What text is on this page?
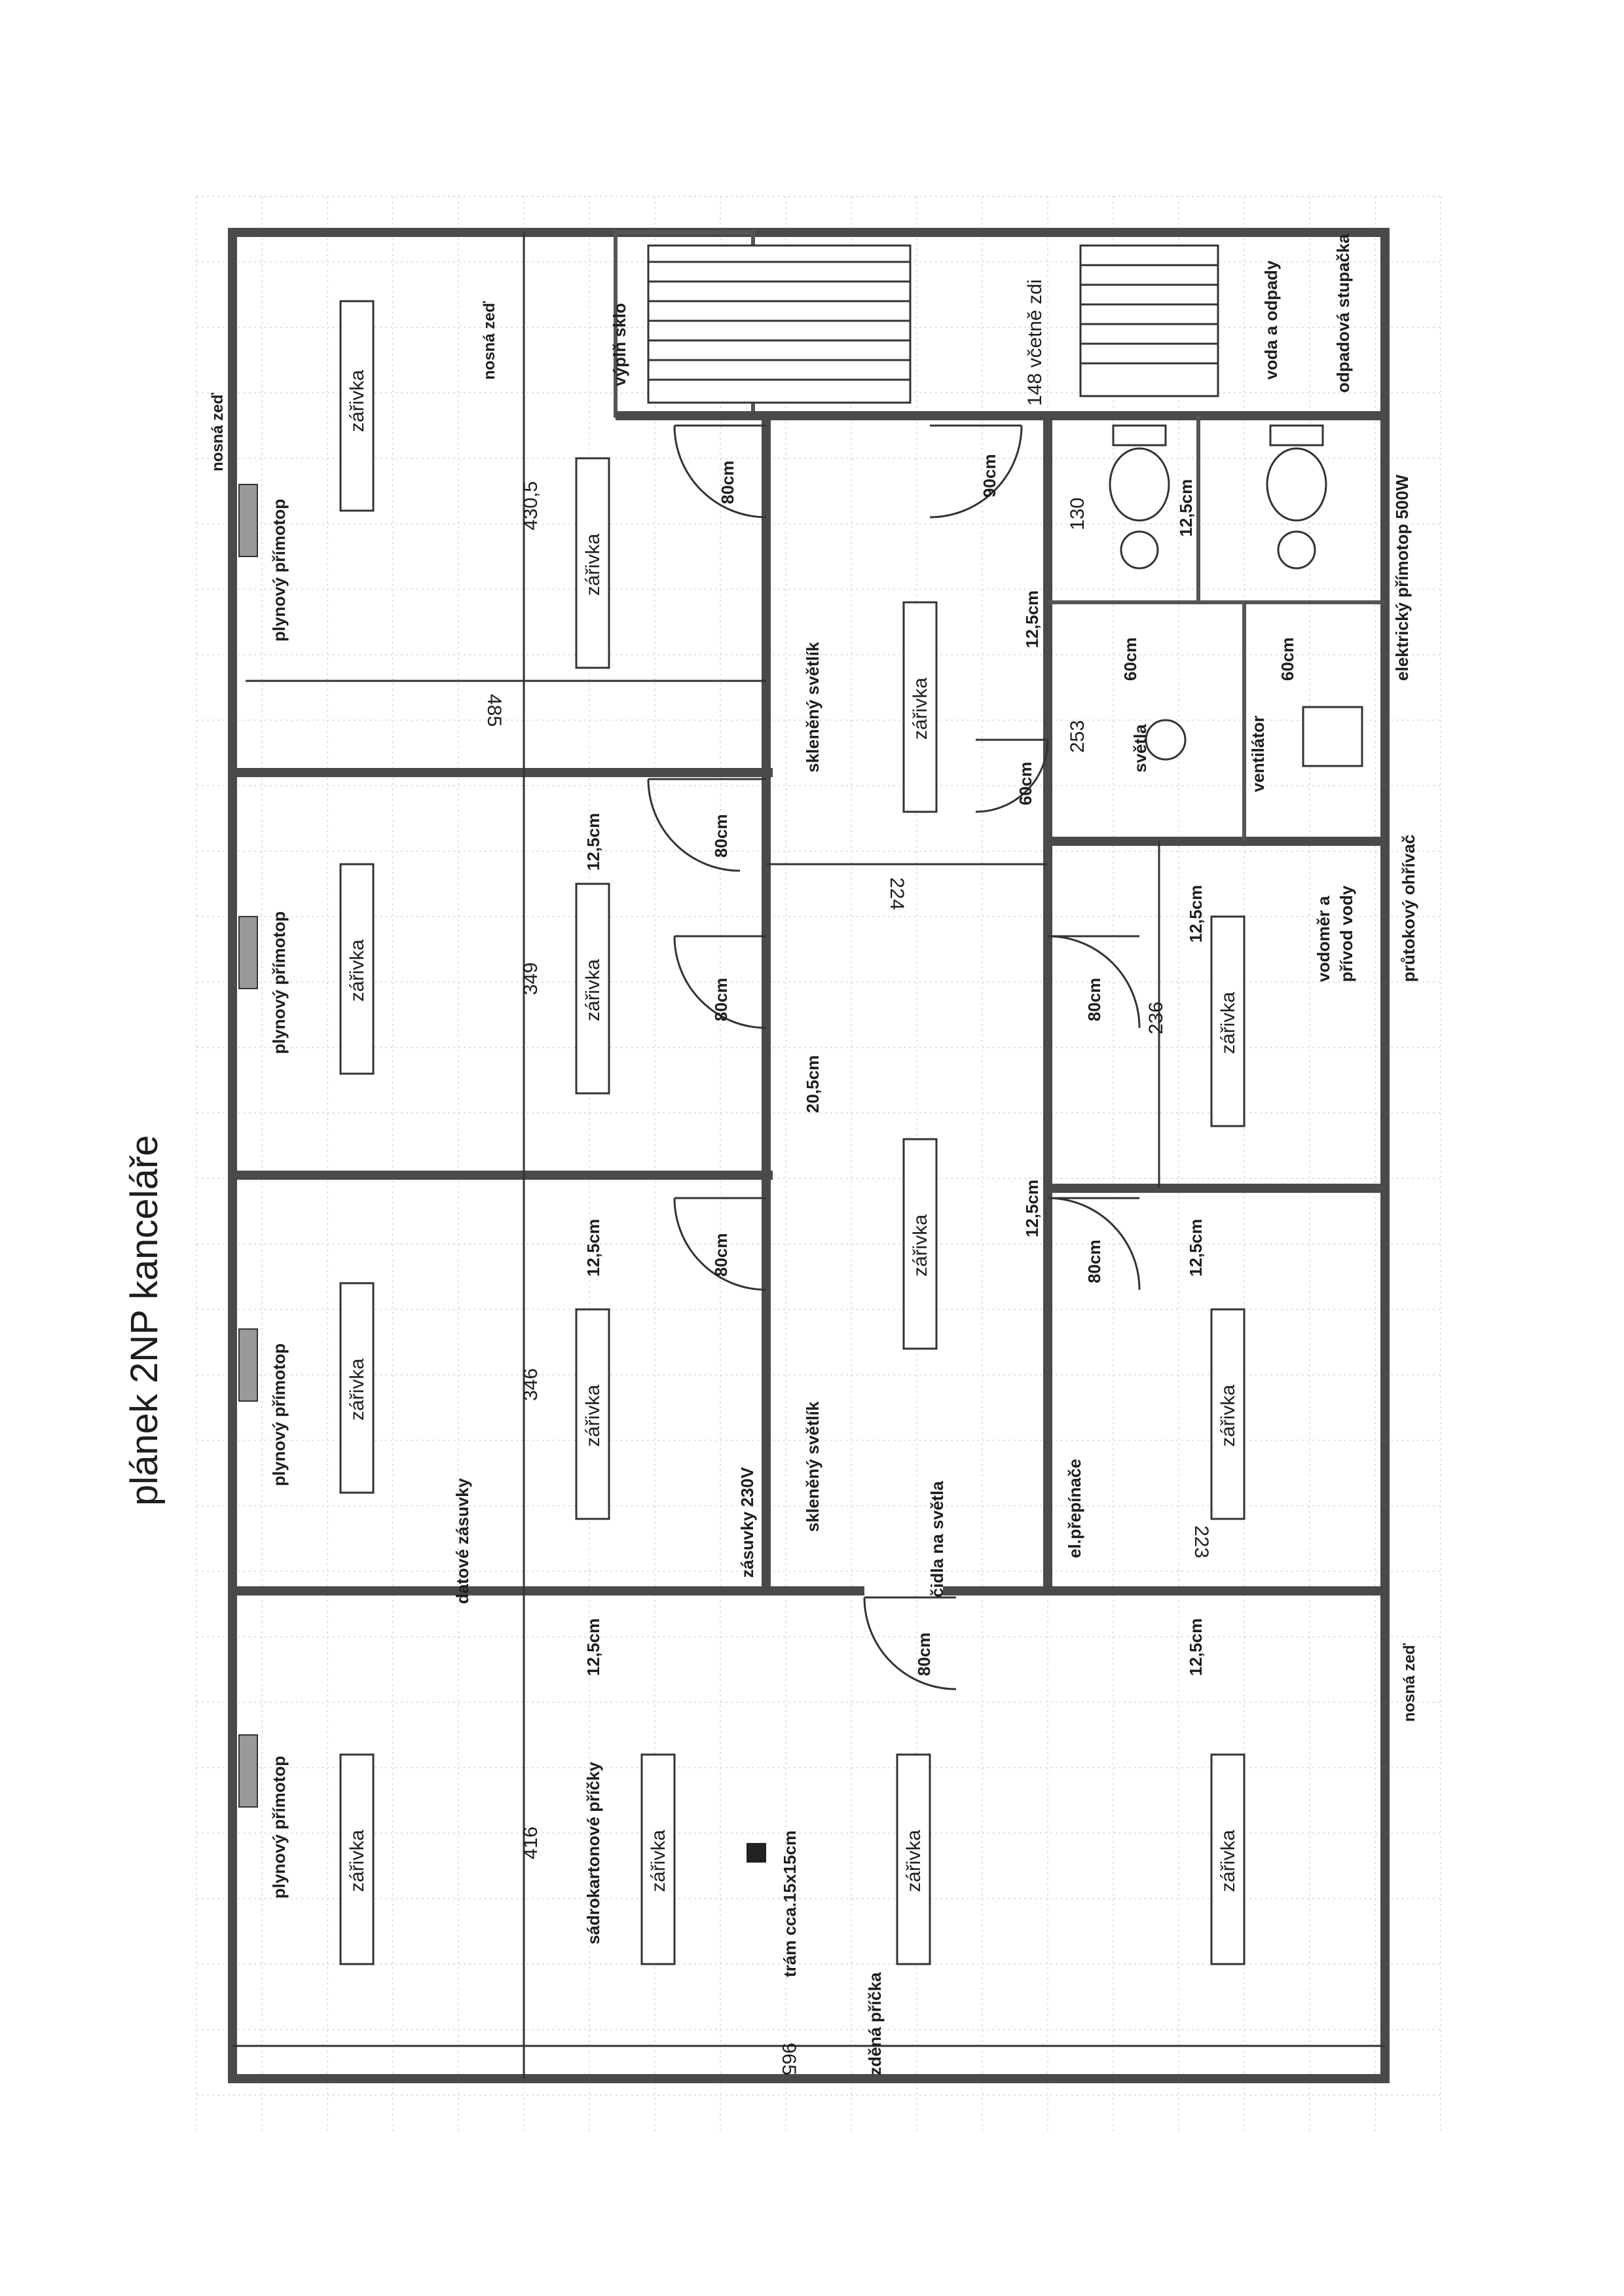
plánek 2NP kanceláře
zářivka
zářivka
zářivka	zářivka
zářivka	zářivka
zářivka	zářivka	zářivka	zářivka
zářivka
zářivka
zářivka
zářivka
plynový přímotop
plynový přímotop
plynový přímotop
plynový přímotop
nosná zeď
nosná zeď
nosná zeď
výplň sklo	voda a odpady	odpadová stupačka
elektrický přímotop 500W
skleněný světlík
skleněný světlík
světla	ventilátor
průtokový ohřívač
vodoměr a přívod vody
datové zásuvky	zásuvky 230V	čidla na světla	el.přepínače
sádrokartonové příčky	trám cca.15x15cm
zděná příčka
430,5
485
349
346
416
965
224
253
236
223
130
148 včetně zdi
12,5cm
12,5cm
12,5cm
20,5cm
12,5cm
12,5cm
12,5cm
12,5cm
12,5cm
12,5cm
80cm	90cm
80cm
80cm
80cm
60cm
80cm
80cm
80cm
60cm	60cm
